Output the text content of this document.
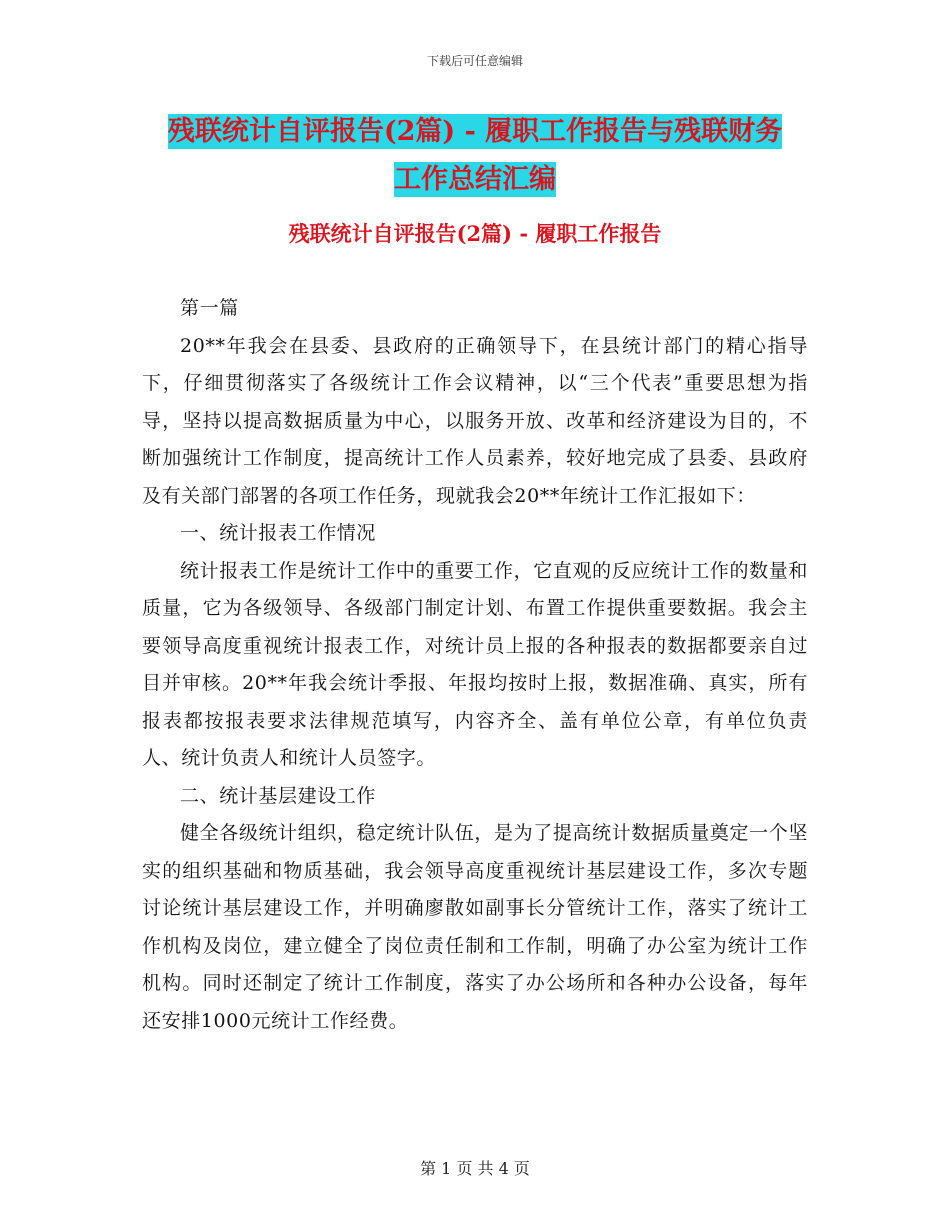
下载后可任意编辑
残联统计自评报告(2篇) - 履职工作报告与残联财务
工作总结汇编
残联统计自评报告(2篇) - 履职工作报告

第一篇

20**年我会在县委、县政府的正确领导下，在县统计部门的精心指导下，仔细贯彻落实了各级统计工作会议精神，以“三个代表”重要思想为指导，坚持以提高数据质量为中心，以服务开放、改革和经济建设为目的，不断加强统计工作制度，提高统计工作人员素养，较好地完成了县委、县政府及有关部门部署的各项工作任务，现就我会20**年统计工作汇报如下：

一、统计报表工作情况

统计报表工作是统计工作中的重要工作，它直观的反应统计工作的数量和质量，它为各级领导、各级部门制定计划、布置工作提供重要数据。我会主要领导高度重视统计报表工作，对统计员上报的各种报表的数据都要亲自过目并审核。20**年我会统计季报、年报均按时上报，数据准确、真实，所有报表都按报表要求法律规范填写，内容齐全、盖有单位公章，有单位负责人、统计负责人和统计人员签字。

二、统计基层建设工作

健全各级统计组织，稳定统计队伍，是为了提高统计数据质量奠定一个坚实的组织基础和物质基础，我会领导高度重视统计基层建设工作，多次专题讨论统计基层建设工作，并明确廖散如副事长分管统计工作，落实了统计工作机构及岗位，建立健全了岗位责任制和工作制，明确了办公室为统计工作机构。同时还制定了统计工作制度，落实了办公场所和各种办公设备，每年还安排1000元统计工作经费。

第 1 页 共 4 页
